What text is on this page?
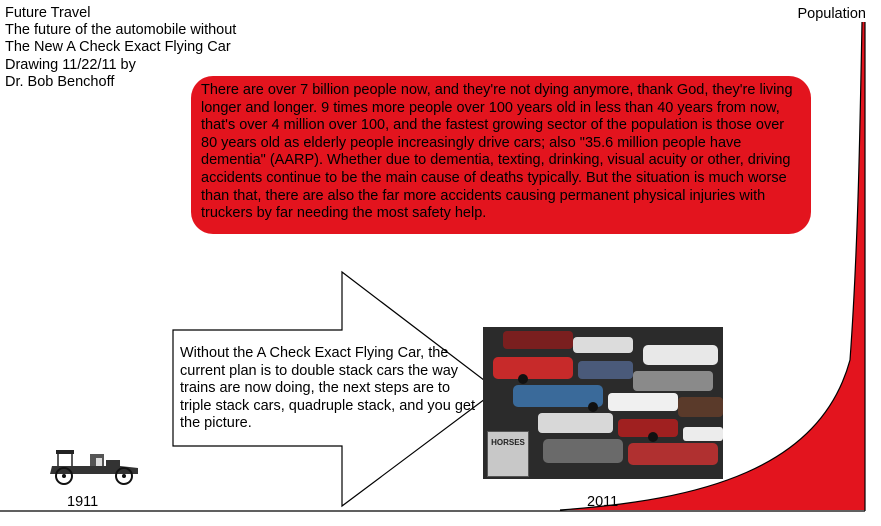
Future Travel
The future of the automobile without
The New A Check Exact Flying Car
Drawing 11/22/11 by
Dr. Bob Benchoff
Population
There are over 7 billion people now, and they're not dying anymore, thank God, they're living longer and longer. 9 times more people over 100 years old in less than 40 years from now, that's over 4 million over 100, and the fastest growing sector of the population is those over 80 years old as elderly people increasingly drive cars; also "35.6 million people have dementia" (AARP). Whether due to dementia, texting, drinking, visual acuity or other, driving accidents continue to be the main cause of deaths typically. But the situation is much worse than that, there are also the far more accidents causing permanent physical injuries with truckers by far needing the most safety help.
Without the A Check Exact Flying Car, the current plan is to double stack cars the way trains are now doing, the next steps are to triple stack cars, quadruple stack, and you get the picture.
HORSES
1911	2011
